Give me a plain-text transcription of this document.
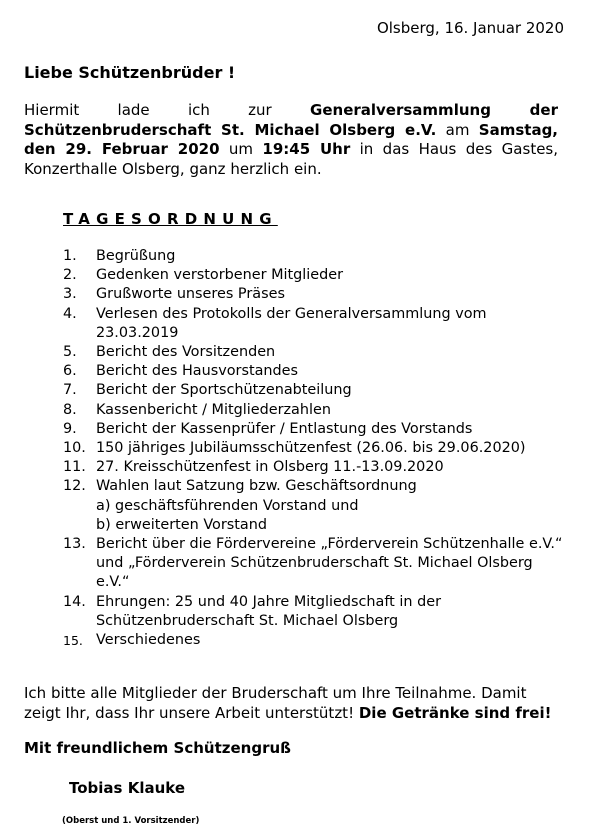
Olsberg, 16. Januar 2020
Liebe Schützenbrüder !
Hiermit lade ich zur Generalversammlung der Schützenbruderschaft St. Michael Olsberg e.V. am Samstag, den 29. Februar 2020 um 19:45 Uhr in das Haus des Gastes, Konzerthalle Olsberg, ganz herzlich ein.
TAGESORDNUNG
1.	Begrüßung
2.	Gedenken verstorbener Mitglieder
3.	Grußworte unseres Präses
4.	Verlesen des Protokolls der Generalversammlung vom 23.03.2019
5.	Bericht des Vorsitzenden
6.	Bericht des Hausvorstandes
7.	Bericht der Sportschützenabteilung
8.	Kassenbericht / Mitgliederzahlen
9.	Bericht der Kassenprüfer / Entlastung des Vorstands
10. 150 jähriges Jubiläumsschützenfest (26.06. bis 29.06.2020)
11. 27. Kreisschützenfest in Olsberg 11.-13.09.2020
12. Wahlen laut Satzung bzw. Geschäftsordnung
a) geschäftsführenden Vorstand und
b) erweiterten Vorstand
13. Bericht über die Fördervereine „Förderverein Schützenhalle e.V.“ und „Förderverein Schützenbruderschaft St. Michael Olsberg e.V.“
14. Ehrungen: 25 und 40 Jahre Mitgliedschaft in der Schützenbruderschaft St. Michael Olsberg
15. Verschiedenes
Ich bitte alle Mitglieder der Bruderschaft um Ihre Teilnahme. Damit zeigt Ihr, dass Ihr unsere Arbeit unterstützt! Die Getränke sind frei!
Mit freundlichem Schützengruß
Tobias Klauke
(Oberst und 1. Vorsitzender)
